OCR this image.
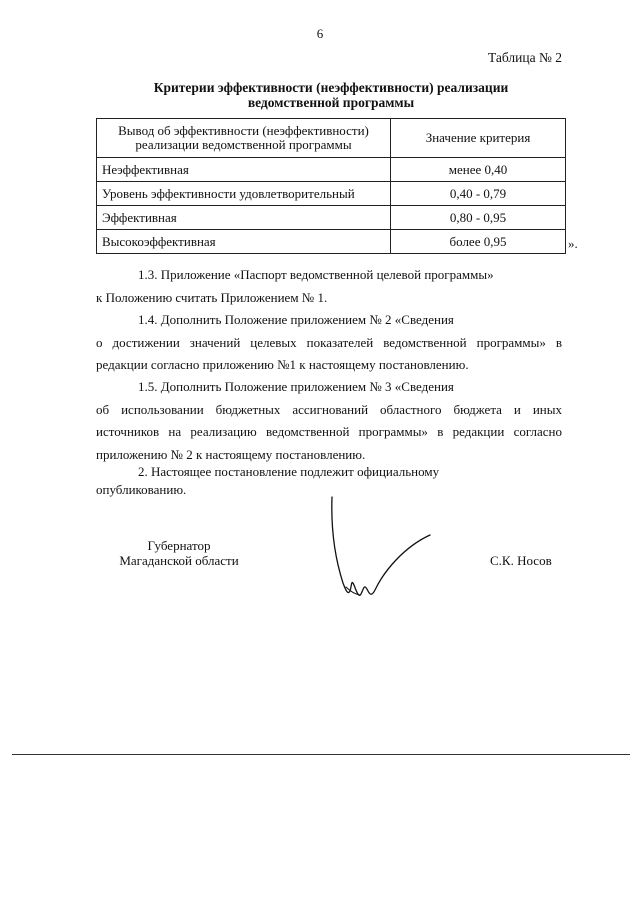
6
Таблица № 2
Критерии эффективности (неэффективности) реализации
ведомственной программы
Вывод об эффективности (неэффективности)
реализации ведомственной программы	Значение критерия
Неэффективная	менее 0,40
Уровень эффективности удовлетворительный	0,40 - 0,79
Эффективная	0,80 - 0,95
Высокоэффективная	более 0,95	».
1.3. Приложение «Паспорт ведомственной целевой программы»
к Положению считать Приложением № 1.
1.4. Дополнить Положение приложением № 2 «Сведения
о достижении значений целевых показателей ведомственной программы» в редакции согласно приложению №1 к настоящему постановлению.
1.5. Дополнить Положение приложением № 3 «Сведения
об использовании бюджетных ассигнований областного бюджета и иных источников на реализацию ведомственной программы» в редакции согласно приложению № 2 к настоящему постановлению.
2. Настоящее постановление подлежит официальному
опубликованию.
Губернатор
Магаданской области	С.К. Носов
